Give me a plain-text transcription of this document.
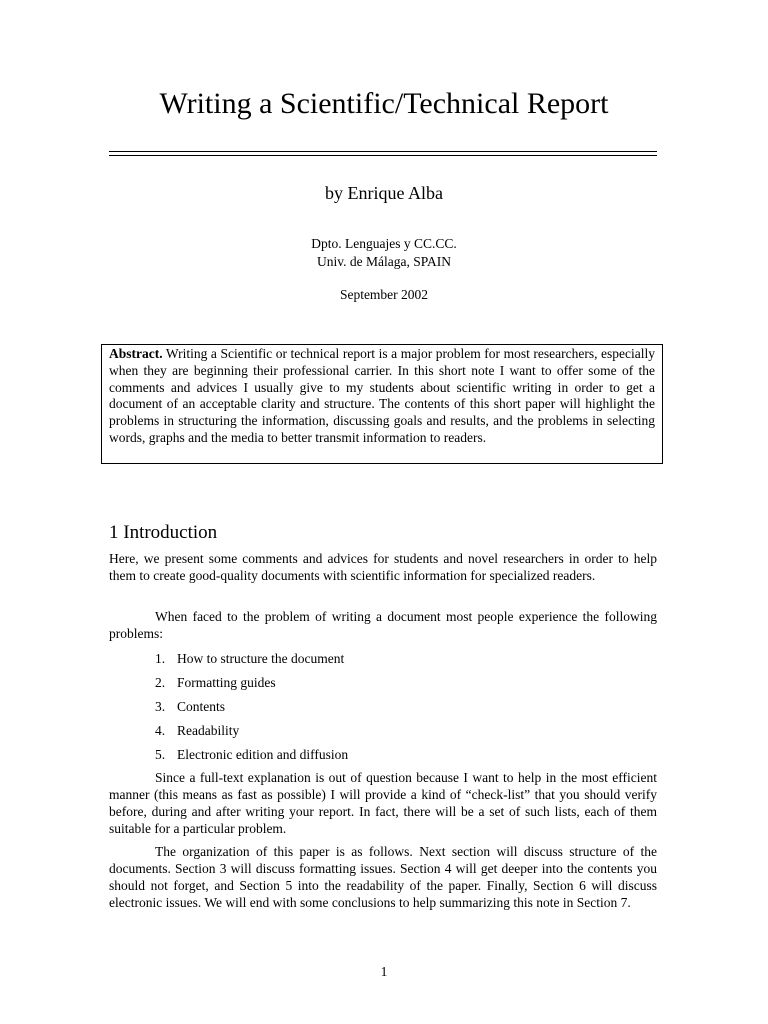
Writing a Scientific/Technical Report

by Enrique Alba

Dpto. Lenguajes y CC.CC.

Univ. de Málaga, SPAIN

September 2002

Abstract. Writing a Scientific or technical report is a major problem for most researchers, especially when they are beginning their professional carrier. In this short note I want to offer some of the comments and advices I usually give to my students about scientific writing in order to get a document of an acceptable clarity and structure. The contents of this short paper will highlight the problems in structuring the information, discussing goals and results, and the problems in selecting words, graphs and the media to better transmit information to readers.

1 Introduction

Here, we present some comments and advices for students and novel researchers in order to help them to create good-quality documents with scientific information for specialized readers.

When faced to the problem of writing a document most people experience the following problems:

1. How to structure the document
2. Formatting guides
3. Contents
4. Readability
5. Electronic edition and diffusion

Since a full-text explanation is out of question because I want to help in the most efficient manner (this means as fast as possible) I will provide a kind of “check-list” that you should verify before, during and after writing your report. In fact, there will be a set of such lists, each of them suitable for a particular problem.

The organization of this paper is as follows. Next section will discuss structure of the documents. Section 3 will discuss formatting issues. Section 4 will get deeper into the contents you should not forget, and Section 5 into the readability of the paper. Finally, Section 6 will discuss electronic issues. We will end with some conclusions to help summarizing this note in Section 7.

1
